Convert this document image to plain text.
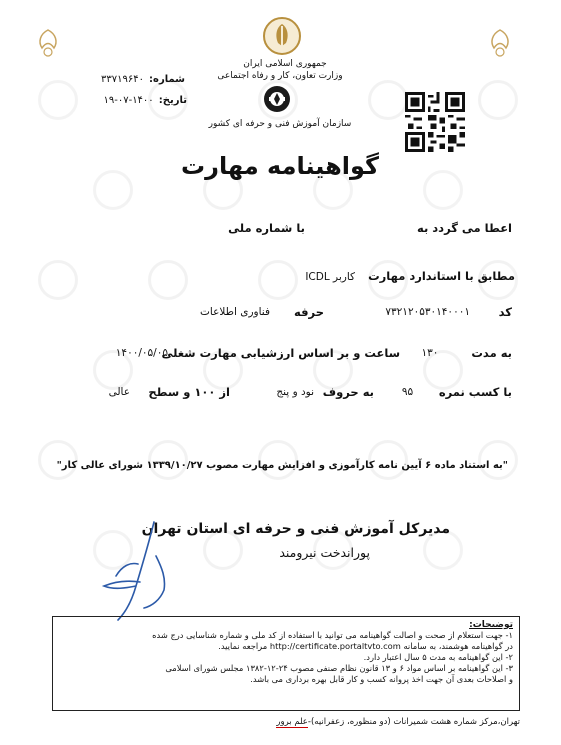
جمهوری اسلامی ایران
وزارت تعاون، کار و رفاه اجتماعی
سازمان آموزش فنی و حرفه ای کشور
شماره: ۳۳۷۱۹۶۴۰
تاریخ: ۱۴۰۰-۰۷-۱۹
گواهینامه مهارت
اعطا می گردد به
با شماره ملی
مطابق با استاندارد مهارت کاربر ICDL
کد
۷۳۲۱۲۰۵۳۰۱۴۰۰۰۱
حرفه
فناوری اطلاعات
به مدت
۱۳۰
ساعت و بر اساس ارزشیابی مهارت شغلی
۱۴۰۰/۰۵/۰۵
با کسب نمره
۹۵
به حروف
نود و پنج
از ۱۰۰ و سطح
عالی
"به استناد ماده ۶ آیین نامه کارآموزی و افزایش مهارت مصوب ۱۳۳۹/۱۰/۲۷ شورای عالی کار"
مدیرکل آموزش فنی و حرفه ای استان تهران
پوراندخت نیرومند
توضیحات:
۱- جهت استعلام از صحت و اصالت گواهینامه می توانید با استفاده از کد ملی و شماره شناسایی درج شده
در گواهینامه هوشمند، به سامانه http://certificate.portaltvto.com مراجعه نمایید.
۲- این گواهینامه به مدت ۵ سال اعتبار دارد.
۳- این گواهینامه بر اساس مواد ۶ و ۱۳ قانون نظام صنفی مصوب ۲۴-۱۲-۱۳۸۲ مجلس شورای اسلامی
و اصلاحات بعدی آن جهت اخذ پروانه کسب و کار قابل بهره برداری می باشد.
تهران،مرکز شماره هشت شمیرانات (دو منظوره، زعفرانیه)-علم برور
